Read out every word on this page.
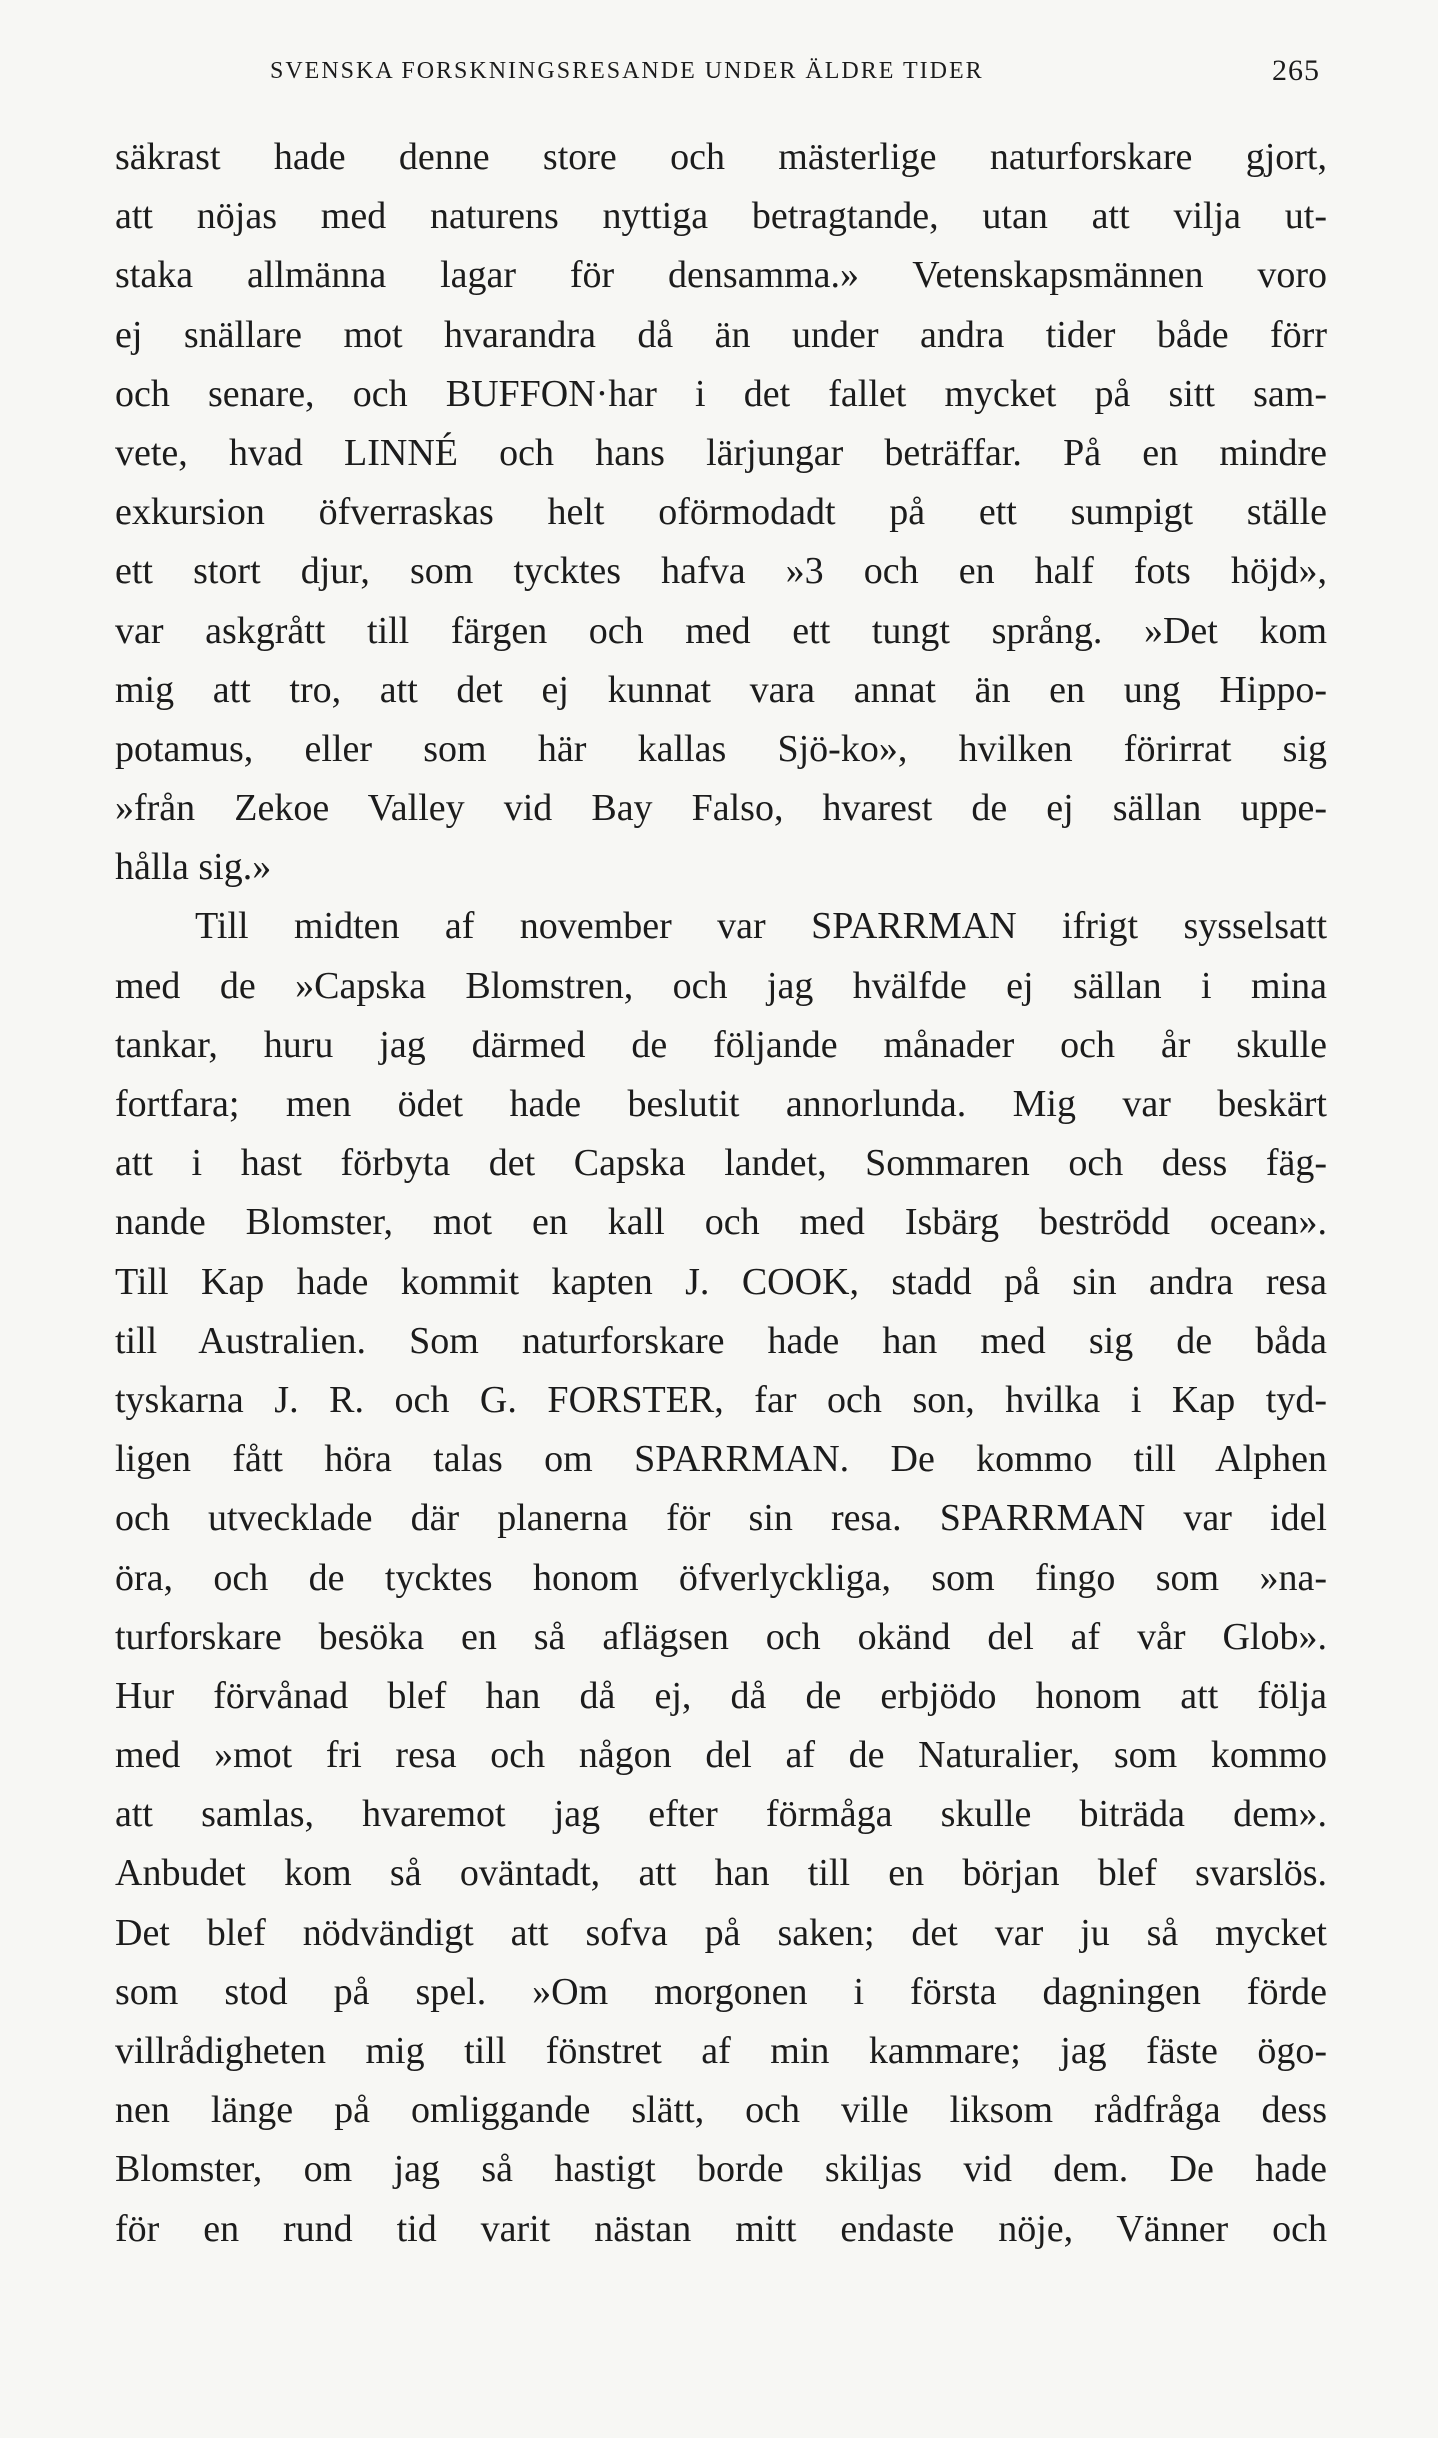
SVENSKA FORSKNINGSRESANDE UNDER ÄLDRE TIDER	265
säkrast hade denne store och mästerlige naturforskare gjort,
att nöjas med naturens nyttiga betragtande, utan att vilja ut-
staka allmänna lagar för densamma.» Vetenskapsmännen voro
ej snällare mot hvarandra då än under andra tider både förr
och senare, och BUFFON·har i det fallet mycket på sitt sam-
vete, hvad LINNÉ och hans lärjungar beträffar. På en mindre
exkursion öfverraskas helt oförmodadt på ett sumpigt ställe
ett stort djur, som tycktes hafva »3 och en half fots höjd»,
var askgrått till färgen och med ett tungt språng. »Det kom
mig att tro, att det ej kunnat vara annat än en ung Hippo-
potamus, eller som här kallas Sjö-ko», hvilken förirrat sig
»från Zekoe Valley vid Bay Falso, hvarest de ej sällan uppe-
hålla sig.»
Till midten af november var SPARRMAN ifrigt sysselsatt
med de »Capska Blomstren, och jag hvälfde ej sällan i mina
tankar, huru jag därmed de följande månader och år skulle
fortfara; men ödet hade beslutit annorlunda. Mig var beskärt
att i hast förbyta det Capska landet, Sommaren och dess fäg-
nande Blomster, mot en kall och med Isbärg beströdd ocean».
Till Kap hade kommit kapten J. COOK, stadd på sin andra resa
till Australien. Som naturforskare hade han med sig de båda
tyskarna J. R. och G. FORSTER, far och son, hvilka i Kap tyd-
ligen fått höra talas om SPARRMAN. De kommo till Alphen
och utvecklade där planerna för sin resa. SPARRMAN var idel
öra, och de tycktes honom öfverlyckliga, som fingo som »na-
turforskare besöka en så aflägsen och okänd del af vår Glob».
Hur förvånad blef han då ej, då de erbjödo honom att följa
med »mot fri resa och någon del af de Naturalier, som kommo
att samlas, hvaremot jag efter förmåga skulle biträda dem».
Anbudet kom så oväntadt, att han till en början blef svarslös.
Det blef nödvändigt att sofva på saken; det var ju så mycket
som stod på spel. »Om morgonen i första dagningen förde
villrådigheten mig till fönstret af min kammare; jag fäste ögo-
nen länge på omliggande slätt, och ville liksom rådfråga dess
Blomster, om jag så hastigt borde skiljas vid dem. De hade
för en rund tid varit nästan mitt endaste nöje, Vänner och
